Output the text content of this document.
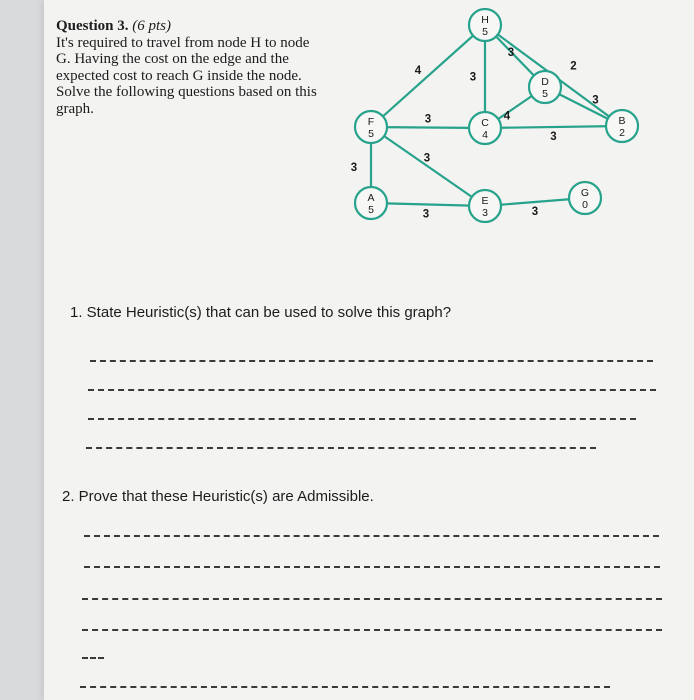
Question 3. (6 pts)
It's required to travel from node H to node
G. Having the cost on the edge and the
expected cost to reach G inside the node.
Solve the following questions based on this
graph.
4
3
3
2
3
3
3
3
4
3
3
3
H
5
D
5
F
5
C
4
B
2
A
5
E
3
G
0
1. State Heuristic(s) that can be used to solve this graph?
2. Prove that these Heuristic(s) are Admissible.
